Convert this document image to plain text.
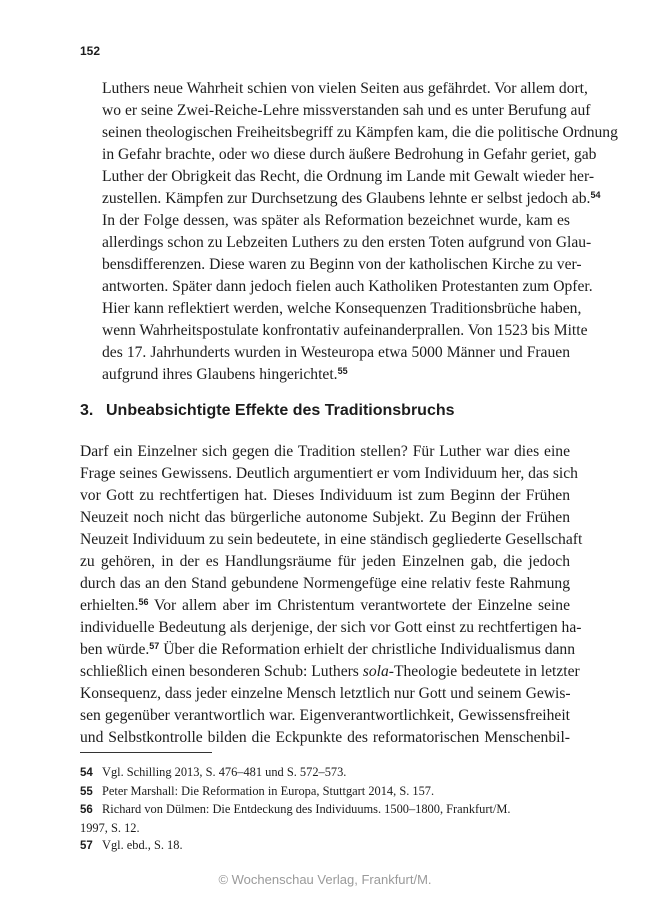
152

Luthers neue Wahrheit schien von vielen Seiten aus gefährdet. Vor allem dort,
wo er seine Zwei-Reiche-Lehre missverstanden sah und es unter Berufung auf
seinen theologischen Freiheitsbegriff zu Kämpfen kam, die die politische Ordnung
in Gefahr brachte, oder wo diese durch äußere Bedrohung in Gefahr geriet, gab
Luther der Obrigkeit das Recht, die Ordnung im Lande mit Gewalt wieder her-
zustellen. Kämpfen zur Durchsetzung des Glaubens lehnte er selbst jedoch ab.$^{54}$

In der Folge dessen, was später als Reformation bezeichnet wurde, kam es
allerdings schon zu Lebzeiten Luthers zu den ersten Toten aufgrund von Glau-
bensdifferenzen. Diese waren zu Beginn von der katholischen Kirche zu ver-
antworten. Später dann jedoch fielen auch Katholiken Protestanten zum Opfer.
Hier kann reflektiert werden, welche Konsequenzen Traditionsbrüche haben,
wenn Wahrheitspostulate konfrontativ aufeinanderprallen. Von 1523 bis Mitte
des 17. Jahrhunderts wurden in Westeuropa etwa 5000 Männer und Frauen
aufgrund ihres Glaubens hingerichtet.$^{55}$

3. Unbeabsichtigte Effekte des Traditionsbruchs

Darf ein Einzelner sich gegen die Tradition stellen? Für Luther war dies eine
Frage seines Gewissens. Deutlich argumentiert er vom Individuum her, das sich
vor Gott zu rechtfertigen hat. Dieses Individuum ist zum Beginn der Frühen
Neuzeit noch nicht das bürgerliche autonome Subjekt. Zu Beginn der Frühen
Neuzeit Individuum zu sein bedeutete, in eine ständisch gegliederte Gesellschaft
zu gehören, in der es Handlungsräume für jeden Einzelnen gab, die jedoch
durch das an den Stand gebundene Normengefüge eine relativ feste Rahmung
erhielten.$^{56}$ Vor allem aber im Christentum verantwortete der Einzelne seine
individuelle Bedeutung als derjenige, der sich vor Gott einst zu rechtfertigen ha-
ben würde.$^{57}$ Über die Reformation erhielt der christliche Individualismus dann
schließlich einen besonderen Schub: Luthers sola-Theologie bedeutete in letzter
Konsequenz, dass jeder einzelne Mensch letztlich nur Gott und seinem Gewis-
sen gegenüber verantwortlich war. Eigenverantwortlichkeit, Gewissensfreiheit
und Selbstkontrolle bilden die Eckpunkte des reformatorischen Menschenbil-

54 Vgl. Schilling 2013, S. 476–481 und S. 572–573.

55 Peter Marshall: Die Reformation in Europa, Stuttgart 2014, S. 157.

56 Richard von Dülmen: Die Entdeckung des Individuums. 1500–1800, Frankfurt/M.
1997, S. 12.

57 Vgl. ebd., S. 18.

© Wochenschau Verlag, Frankfurt/M.
